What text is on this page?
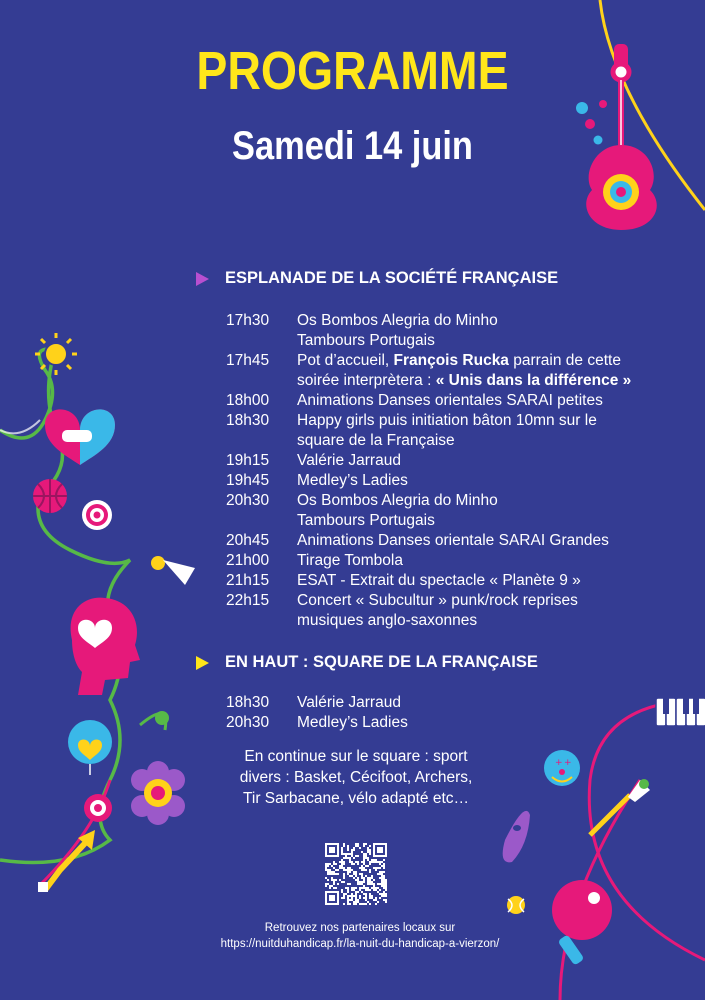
+ +
PROGRAMME
Samedi 14 juin
ESPLANADE DE LA SOCIÉTÉ FRANÇAISE
17h30	Os Bombos Alegria do Minho
Tambours Portugais
17h45	Pot d’accueil, François Rucka parrain de cette
soirée interprètera : « Unis dans la différence »
18h00	Animations Danses orientales SARAI petites
18h30	Happy girls puis initiation bâton 10mn sur le
square de la Française
19h15	Valérie Jarraud
19h45	Medley’s Ladies
20h30	Os Bombos Alegria do Minho
Tambours Portugais
20h45	Animations Danses orientale SARAI Grandes
21h00	Tirage Tombola
21h15	ESAT - Extrait du spectacle « Planète 9 »
22h15	Concert « Subcultur » punk/rock reprises
musiques anglo-saxonnes
EN HAUT : SQUARE DE LA FRANÇAISE
18h30	Valérie Jarraud
20h30	Medley’s Ladies
En continue sur le square : sport
divers : Basket, Cécifoot, Archers,
Tir Sarbacane, vélo adapté etc…
Retrouvez nos partenaires locaux sur
https://nuitduhandicap.fr/la-nuit-du-handicap-a-vierzon/
